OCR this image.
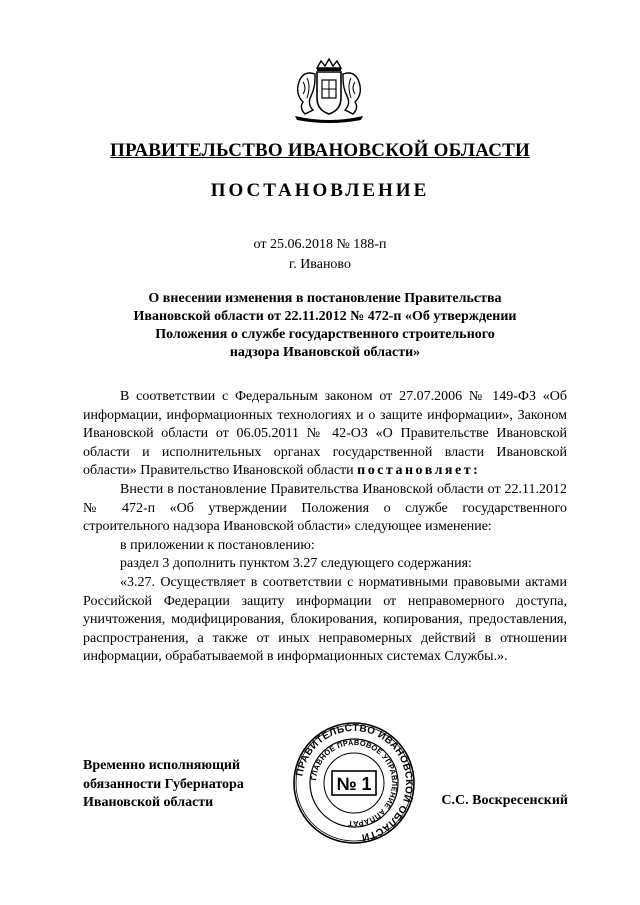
ПРАВИТЕЛЬСТВО ИВАНОВСКОЙ ОБЛАСТИ
ПОСТАНОВЛЕНИЕ
от 25.06.2018 № 188-п
г. Иваново
О внесении изменения в постановление Правительства
Ивановской области от 22.11.2012 № 472-п «Об утверждении
Положения о службе государственного строительного
надзора Ивановской области»

В соответствии с Федеральным законом от 27.07.2006 № 149-ФЗ «Об информации, информационных технологиях и о защите информации», Законом Ивановской области от 06.05.2011 № 42-ОЗ «О Правительстве Ивановской области и исполнительных органах государственной власти Ивановской области» Правительство Ивановской области постановляет:

Внести в постановление Правительства Ивановской области от 22.11.2012 № 472-п «Об утверждении Положения о службе государственного строительного надзора Ивановской области» следующее изменение:

в приложении к постановлению:

раздел 3 дополнить пунктом 3.27 следующего содержания:

«3.27. Осуществляет в соответствии с нормативными правовыми актами Российской Федерации защиту информации от неправомерного доступа, уничтожения, модифицирования, блокирования, копирования, предоставления, распространения, а также от иных неправомерных действий в отношении информации, обрабатываемой в информационных системах Службы.».

Временно исполняющий
обязанности Губернатора
Ивановской области
ПРАВИТЕЛЬСТВО ИВАНОВСКОЙ ОБЛАСТИ
ГЛАВНОЕ ПРАВОВОЕ УПРАВЛЕНИЕ АППАРАТ
№ 1
С.С. Воскресенский
